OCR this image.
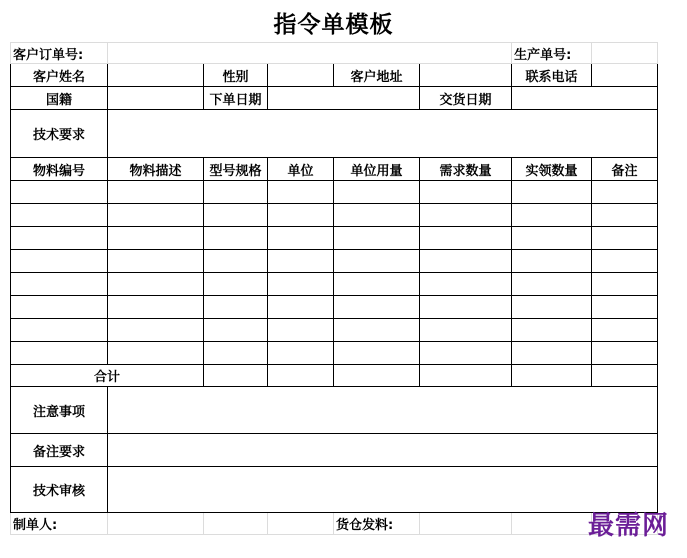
指令单模板
客户订单号:						生产单号:	
客户姓名		性别		客户地址		联系电话	
国籍		下单日期			交货日期		
技术要求							
物料编号	物料描述	型号规格	单位	单位用量	需求数量	实领数量	备注

合计							
注意事项							
备注要求							
技术审核							
制单人:				货仓发料:				最需网
